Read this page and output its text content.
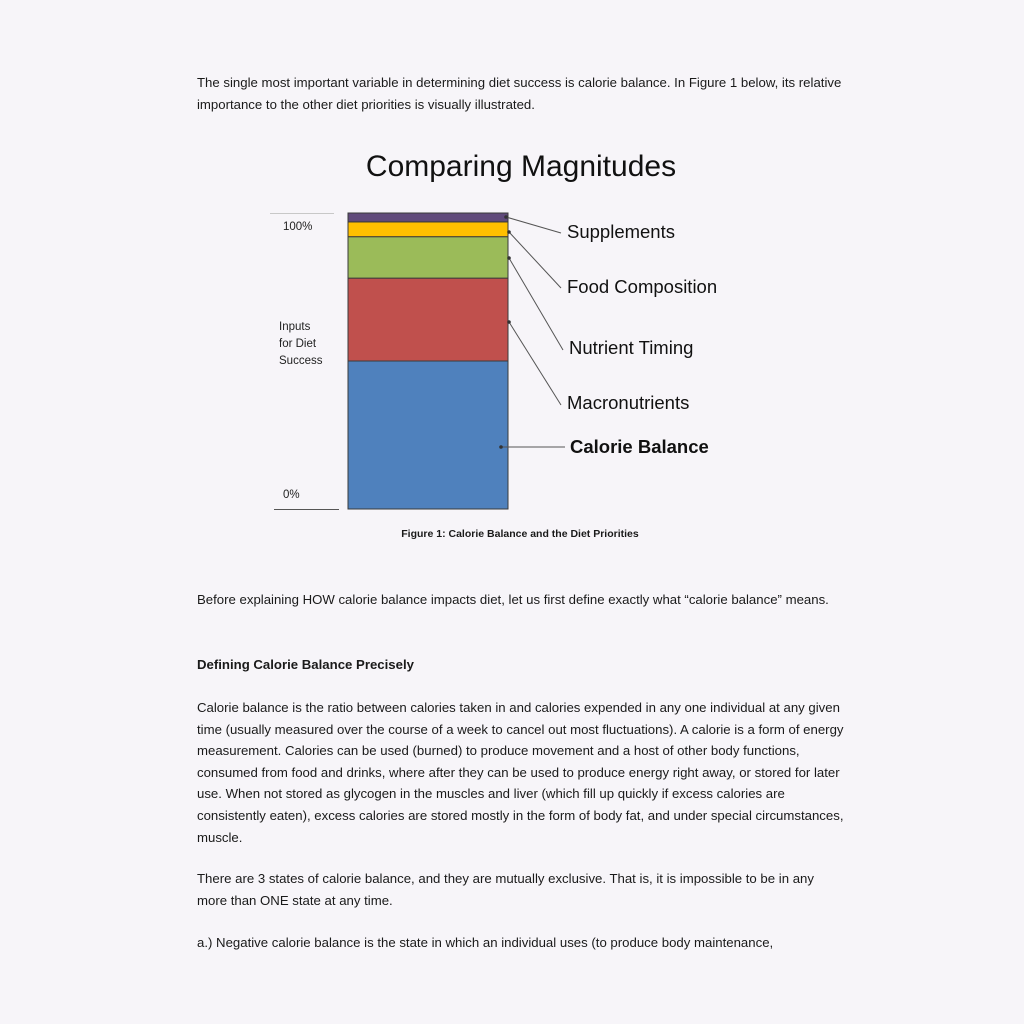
The single most important variable in determining diet success is calorie balance. In Figure 1 below, its relative importance to the other diet priorities is visually illustrated.

Comparing Magnitudes
100%
0%
Inputs for Diet Success
Calorie Balance
Macronutrients
Nutrient Timing
Food Composition
Supplements
Figure 1: Calorie Balance and the Diet Priorities

Before explaining HOW calorie balance impacts diet, let us first define exactly what “calorie balance” means.

Defining Calorie Balance Precisely

Calorie balance is the ratio between calories taken in and calories expended in any one individual at any given time (usually measured over the course of a week to cancel out most fluctuations). A calorie is a form of energy measurement. Calories can be used (burned) to produce movement and a host of other body functions, consumed from food and drinks, where after they can be used to produce energy right away, or stored for later use. When not stored as glycogen in the muscles and liver (which fill up quickly if excess calories are consistently eaten), excess calories are stored mostly in the form of body fat, and under special circumstances, muscle.

There are 3 states of calorie balance, and they are mutually exclusive. That is, it is impossible to be in any more than ONE state at any time.

a.) Negative calorie balance is the state in which an individual uses (to produce body maintenance,
